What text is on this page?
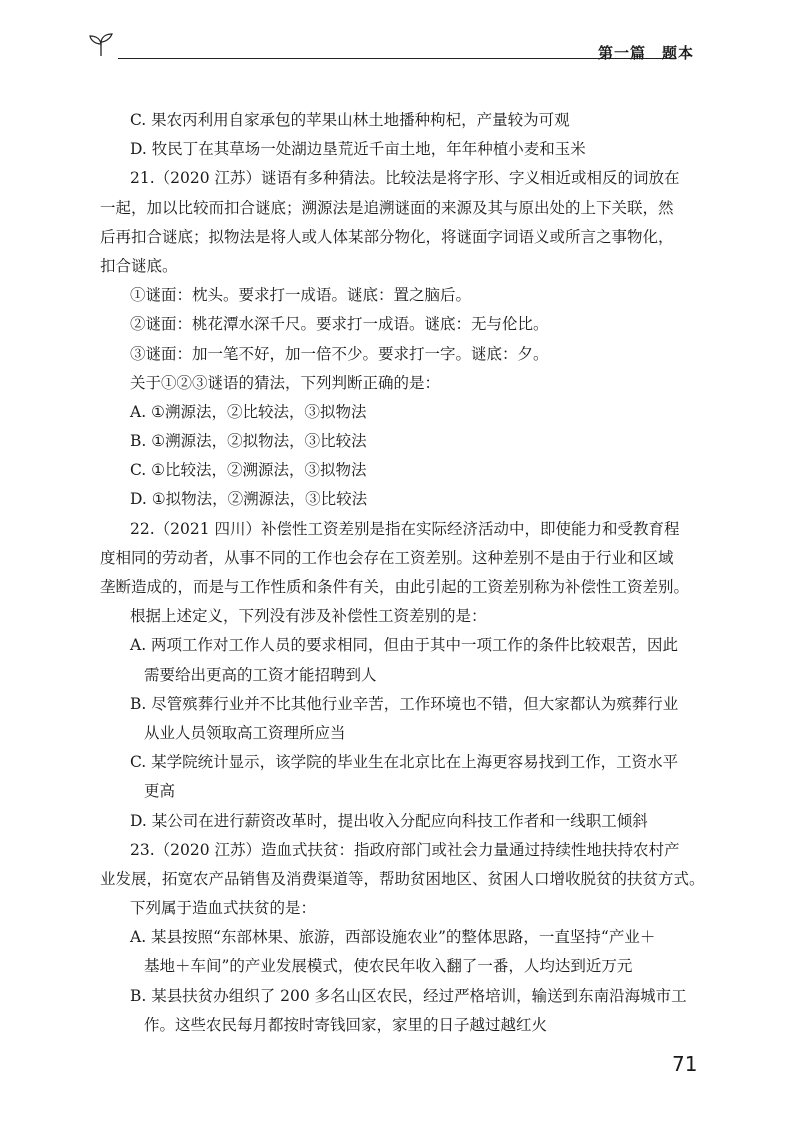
第一篇　题本
C. 果农丙利用自家承包的苹果山林土地播种枸杞，产量较为可观
D. 牧民丁在其草场一处湖边垦荒近千亩土地，年年种植小麦和玉米
21.（2020 江苏）谜语有多种猜法。比较法是将字形、字义相近或相反的词放在
一起，加以比较而扣合谜底；溯源法是追溯谜面的来源及其与原出处的上下关联，然
后再扣合谜底；拟物法是将人或人体某部分物化，将谜面字词语义或所言之事物化，
扣合谜底。
①谜面：枕头。要求打一成语。谜底：置之脑后。
②谜面：桃花潭水深千尺。要求打一成语。谜底：无与伦比。
③谜面：加一笔不好，加一倍不少。要求打一字。谜底：夕。
关于①②③谜语的猜法，下列判断正确的是：
A. ①溯源法，②比较法，③拟物法
B. ①溯源法，②拟物法，③比较法
C. ①比较法，②溯源法，③拟物法
D. ①拟物法，②溯源法，③比较法
22.（2021 四川）补偿性工资差别是指在实际经济活动中，即使能力和受教育程
度相同的劳动者，从事不同的工作也会存在工资差别。这种差别不是由于行业和区域
垄断造成的，而是与工作性质和条件有关，由此引起的工资差别称为补偿性工资差别。
根据上述定义，下列没有涉及补偿性工资差别的是：
A. 两项工作对工作人员的要求相同，但由于其中一项工作的条件比较艰苦，因此
需要给出更高的工资才能招聘到人
B. 尽管殡葬行业并不比其他行业辛苦，工作环境也不错，但大家都认为殡葬行业
从业人员领取高工资理所应当
C. 某学院统计显示，该学院的毕业生在北京比在上海更容易找到工作，工资水平
更高
D. 某公司在进行薪资改革时，提出收入分配应向科技工作者和一线职工倾斜
23.（2020 江苏）造血式扶贫：指政府部门或社会力量通过持续性地扶持农村产
业发展，拓宽农产品销售及消费渠道等，帮助贫困地区、贫困人口增收脱贫的扶贫方式。
下列属于造血式扶贫的是：
A. 某县按照“东部林果、旅游，西部设施农业”的整体思路，一直坚持“产业＋
基地＋车间”的产业发展模式，使农民年收入翻了一番，人均达到近万元
B. 某县扶贫办组织了 200 多名山区农民，经过严格培训，输送到东南沿海城市工
作。这些农民每月都按时寄钱回家，家里的日子越过越红火
71
